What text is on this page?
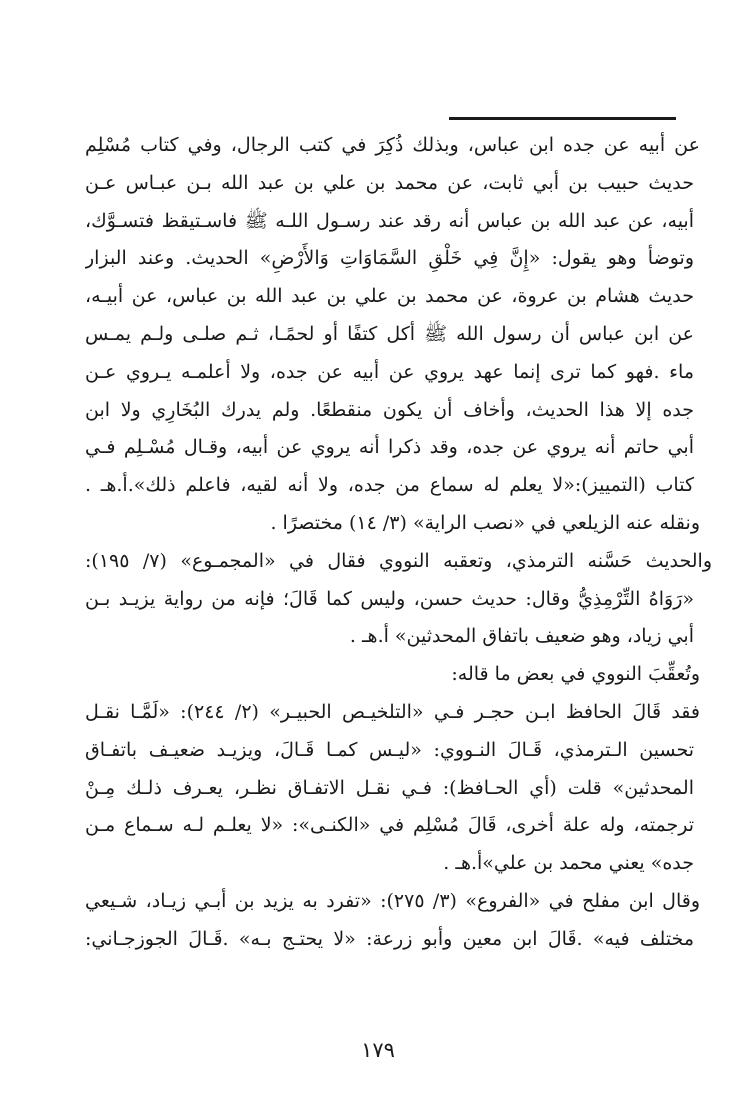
عن أبيه عن جده ابن عباس، وبذلك ذُكِرَ في كتب الرجال، وفي كتاب مُسْلِم
حديث حبيب بن أبي ثابت، عن محمد بن علي بن عبد الله بـن عبـاس عـن
أبيه، عن عبد الله بن عباس أنه رقد عند رسـول اللـه ﷺ فاسـتيقظ فتسـوَّك،
وتوضأ وهو يقول: «إِنَّ فِي خَلْقِ السَّمَاوَاتِ وَالأَرْضِ» الحديث. وعند البزار
حديث هشام بن عروة، عن محمد بن علي بن عبد الله بن عباس، عن أبيـه،
عن ابن عباس أن رسول الله ﷺ أكل كتفًا أو لحمًـا، ثـم صلـى ولـم يمـس
ماء .فهو كما ترى إنما عهد يروي عن أبيه عن جده، ولا أعلمـه يـروي عـن
جده إلا هذا الحديث، وأخاف أن يكون منقطعًا. ولم يدرك البُخَارِي ولا ابن
أبي حاتم أنه يروي عن جده، وقد ذكرا أنه يروي عن أبيه، وقـال مُسْـلِم فـي
كتاب (التمييز):«لا يعلم له سماع من جده، ولا أنه لقيه، فاعلم ذلك».أ.هـ .
ونقله عنه الزيلعي في «نصب الراية» (٣/ ١٤) مختصرًا .
والحديث حَسَّنه الترمذي، وتعقبه النووي فقال في «المجمـوع» (٧/ ١٩٥):
«رَوَاهُ التِّرْمِذِيُّ وقال: حديث حسن، وليس كما قَالَ؛ فإنه من رواية يزيـد بـن
أبي زياد، وهو ضعيف باتفاق المحدثين» أ.هـ .
وتُعقِّبَ النووي في بعض ما قاله:
فقد قَالَ الحافظ ابـن حجـر فـي «التلخيـص الحبيـر» (٢/ ٢٤٤): «لَمَّـا نقـل
تحسين الـترمذي، قَـالَ النـووي: «ليـس كمـا قَـالَ، ويزيـد ضعيـف باتفـاق
المحدثين» قلت (أي الحـافظ): فـي نقـل الاتفـاق نظـر، يعـرف ذلـك مِـنْ
ترجمته، وله علة أخرى، قَالَ مُسْلِم في «الكنـى»: «لا يعلـم لـه سـماع مـن
جده» يعني محمد بن علي»أ.هـ .
وقال ابن مفلح في «الفروع» (٣/ ٢٧٥): «تفرد به يزيد بن أبـي زيـاد، شـيعي
مختلف فيه» .قَالَ ابن معين وأبو زرعة: «لا يحتـج بـه» .قَـالَ الجوزجـاني:
١٧٩
